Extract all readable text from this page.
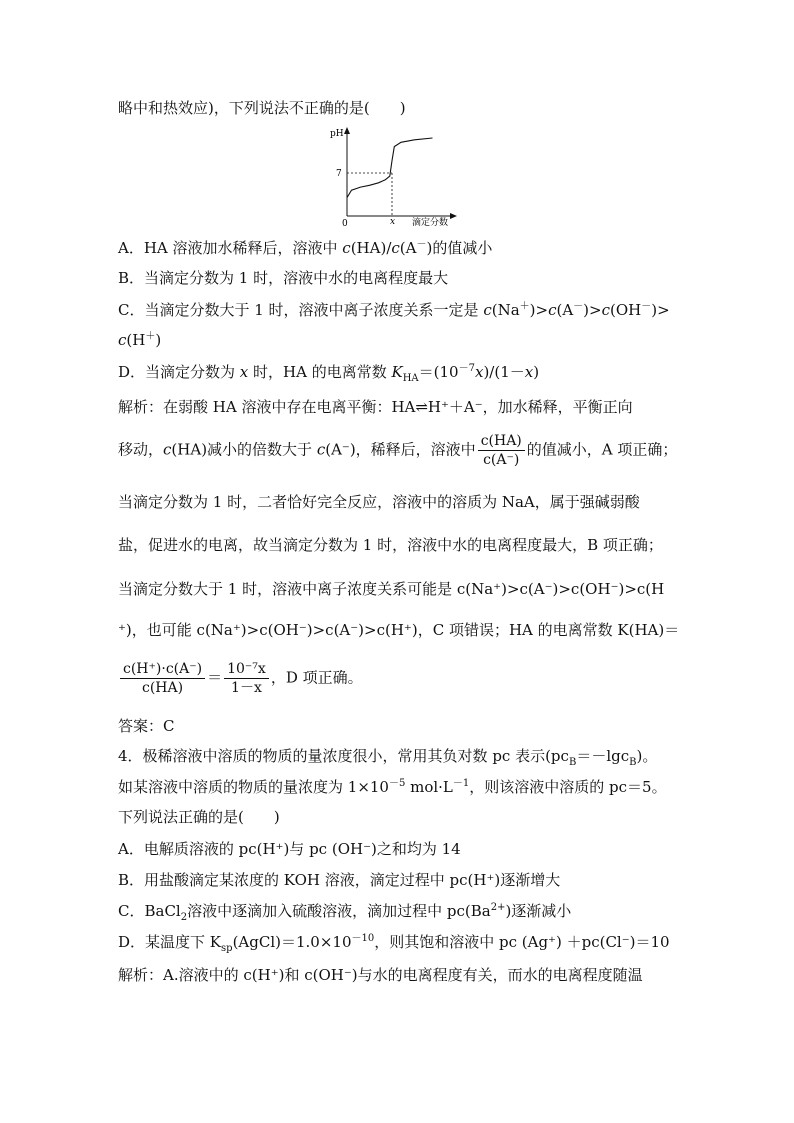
略中和热效应)，下列说法不正确的是(　　)
pH
7
0	x 滴定分数
A．HA 溶液加水稀释后，溶液中 c(HA)/c(A－)的值减小
B．当滴定分数为 1 时，溶液中水的电离程度最大
C．当滴定分数大于 1 时，溶液中离子浓度关系一定是 c(Na＋)>c(A－)>c(OH－)>
c(H＋)
D．当滴定分数为 x 时，HA 的电离常数 $K_{HA}=(10^{-7}x)/(1-x)$
解析：在弱酸 HA 溶液中存在电离平衡：HA⇌H⁺＋A⁻，加水稀释，平衡正向
移动，c(HA)减小的倍数大于 c(A⁻)，稀释后，溶液中 $\frac{c(HA)}{c(A^-)}$ 的值减小，A 项正确；
当滴定分数为 1 时，二者恰好完全反应，溶液中的溶质为 NaA，属于强碱弱酸
盐，促进水的电离，故当滴定分数为 1 时，溶液中水的电离程度最大，B 项正确；
当滴定分数大于 1 时，溶液中离子浓度关系可能是 c(Na⁺)>c(A⁻)>c(OH⁻)>c(H
⁺)，也可能 c(Na⁺)>c(OH⁻)>c(A⁻)>c(H⁺)，C 项错误；HA 的电离常数 K(HA)＝
$\frac{c(H^+)\cdot c(A^-)}{c(HA)} = \frac{\text{10⁻⁷x}}{1-x}$ ，D 项正确。
答案：C
4．极稀溶液中溶质的物质的量浓度很小，常用其负对数 pc 表示$(pc_B=-\lg c_B)$。
如某溶液中溶质的物质的量浓度为 $1\times 10^{-5}$ $mol\cdot L^{-1}$，则该溶液中溶质的 pc＝5。
下列说法正确的是(　　)
A．电解质溶液的 pc(H⁺)与 pc (OH⁻)之和均为 14
B．用盐酸滴定某浓度的 KOH 溶液，滴定过程中 pc(H⁺)逐渐增大
C．BaCl$_2$溶液中逐滴加入硫酸溶液，滴加过程中 $pc(Ba^{2+})$逐渐减小
D．某温度下 $K_{sp}(AgCl)=1.0\times 10^{-10}$，则其饱和溶液中 pc (Ag⁺) ＋pc(Cl⁻)＝10
解析：A.溶液中的 c(H⁺)和 c(OH⁻)与水的电离程度有关，而水的电离程度随温
